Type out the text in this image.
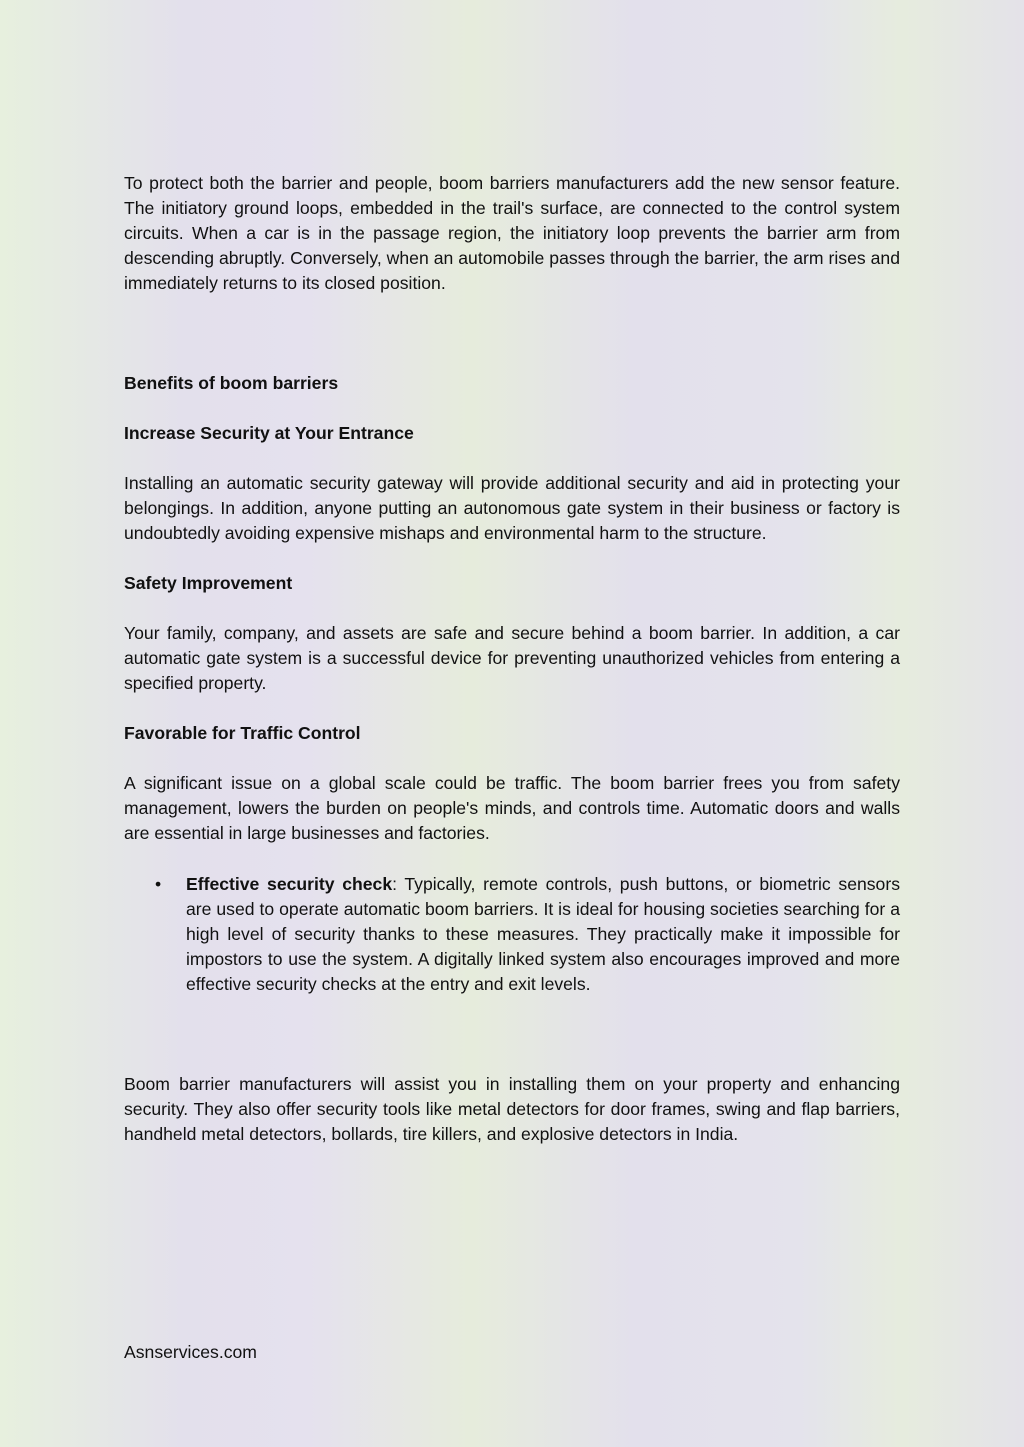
To protect both the barrier and people, boom barriers manufacturers add the new sensor feature. The initiatory ground loops, embedded in the trail's surface, are connected to the control system circuits. When a car is in the passage region, the initiatory loop prevents the barrier arm from descending abruptly. Conversely, when an automobile passes through the barrier, the arm rises and immediately returns to its closed position.

Benefits of boom barriers

Increase Security at Your Entrance

Installing an automatic security gateway will provide additional security and aid in protecting your belongings. In addition, anyone putting an autonomous gate system in their business or factory is undoubtedly avoiding expensive mishaps and environmental harm to the structure.

Safety Improvement

Your family, company, and assets are safe and secure behind a boom barrier. In addition, a car automatic gate system is a successful device for preventing unauthorized vehicles from entering a specified property.

Favorable for Traffic Control

A significant issue on a global scale could be traffic. The boom barrier frees you from safety management, lowers the burden on people's minds, and controls time. Automatic doors and walls are essential in large businesses and factories.

• Effective security check: Typically, remote controls, push buttons, or biometric sensors are used to operate automatic boom barriers. It is ideal for housing societies searching for a high level of security thanks to these measures. They practically make it impossible for impostors to use the system. A digitally linked system also encourages improved and more effective security checks at the entry and exit levels.

Boom barrier manufacturers will assist you in installing them on your property and enhancing security. They also offer security tools like metal detectors for door frames, swing and flap barriers, handheld metal detectors, bollards, tire killers, and explosive detectors in India.

Asnservices.com
